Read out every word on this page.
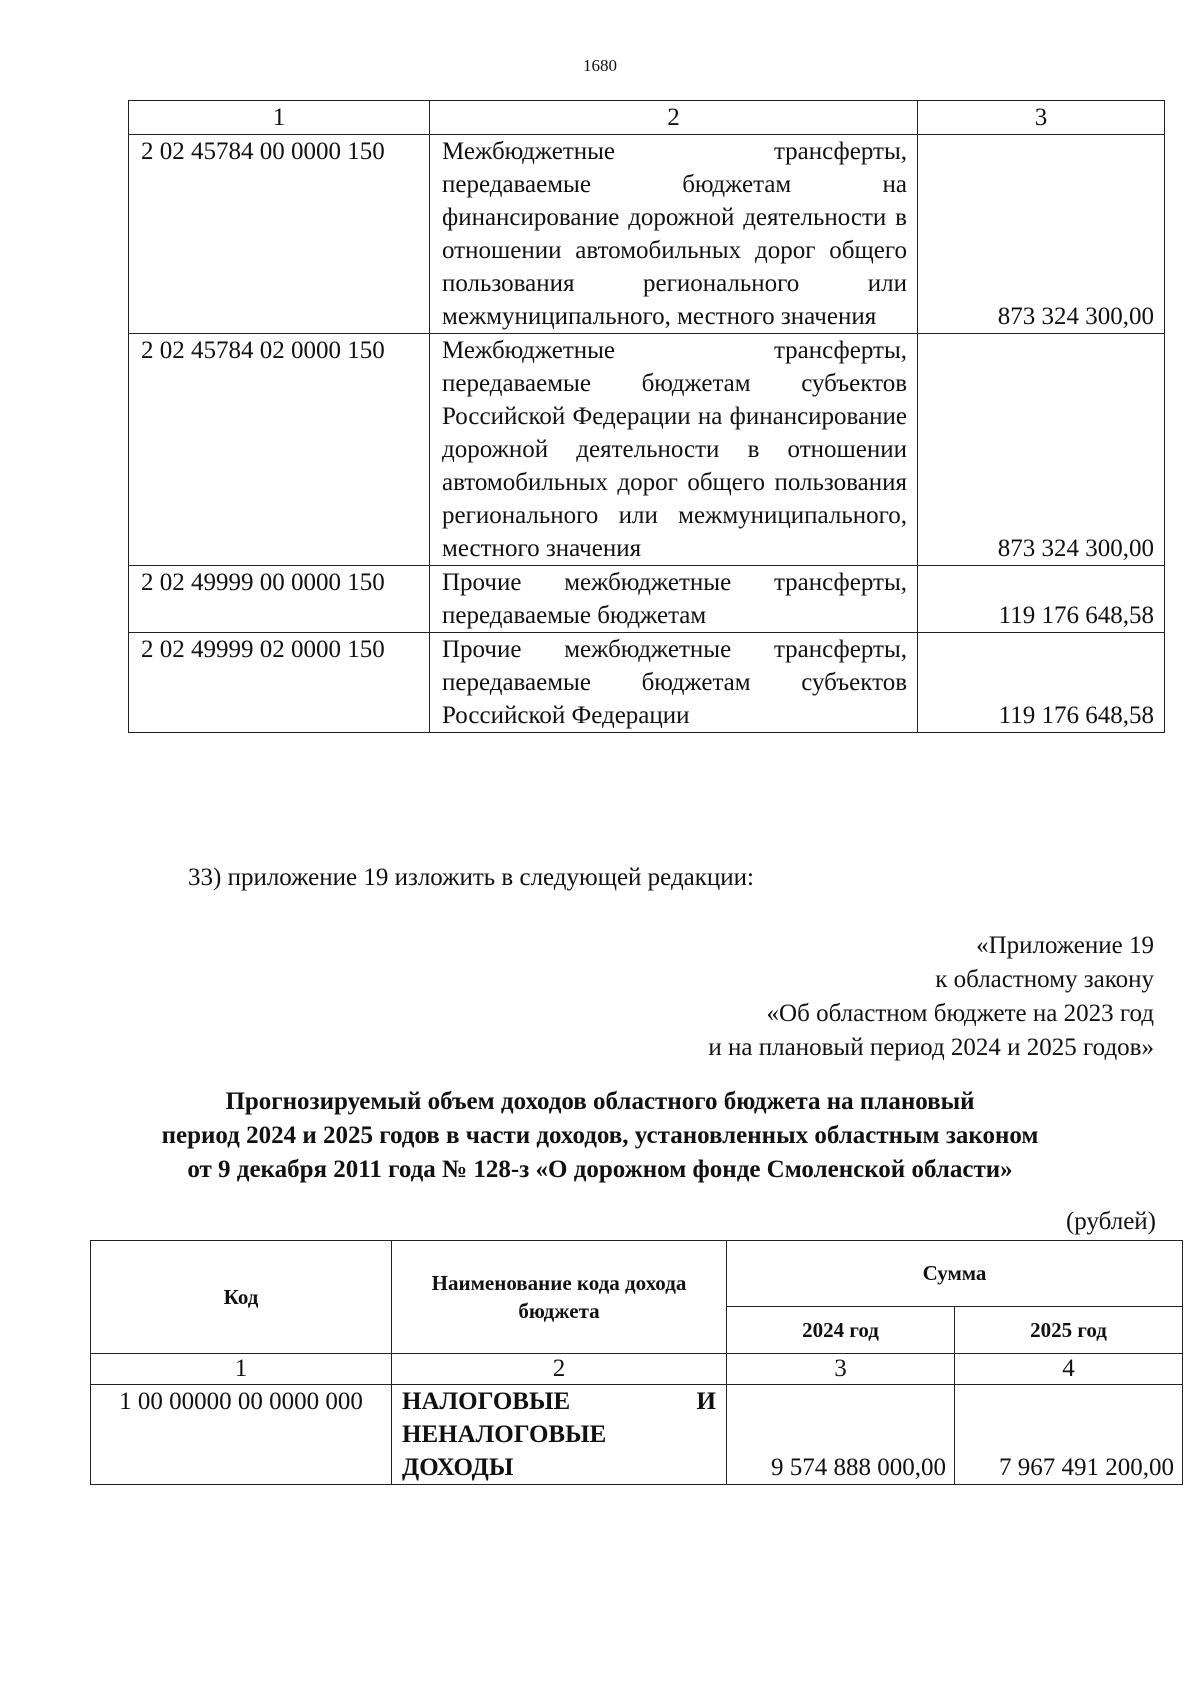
1680
1	2	3
2 02 45784 00 0000 150	Межбюджетные трансферты, передаваемые бюджетам на финансирование дорожной деятельности в отношении автомобильных дорог общего пользования регионального или межмуниципального, местного значения	873 324 300,00
2 02 45784 02 0000 150	Межбюджетные трансферты, передаваемые бюджетам субъектов Российской Федерации на финансирование дорожной деятельности в отношении автомобильных дорог общего пользования регионального или межмуниципального, местного значения	873 324 300,00
2 02 49999 00 0000 150	Прочие межбюджетные трансферты, передаваемые бюджетам	119 176 648,58
2 02 49999 02 0000 150	Прочие межбюджетные трансферты, передаваемые бюджетам субъектов Российской Федерации	119 176 648,58
33) приложение 19 изложить в следующей редакции:
«Приложение 19
к областному закону
«Об областном бюджете на 2023 год
и на плановый период 2024 и 2025 годов»
Прогнозируемый объем доходов областного бюджета на плановый
период 2024 и 2025 годов в части доходов, установленных областным законом
от 9 декабря 2011 года № 128-з «О дорожном фонде Смоленской области»
(рублей)
Код	Наименование кода дохода бюджета	Сумма	
		2024 год	2025 год
1	2	3	4
1 00 00000 00 0000 000	НАЛОГОВЫЕ И НЕНАЛОГОВЫЕ ДОХОДЫ	9 574 888 000,00	7 967 491 200,00
